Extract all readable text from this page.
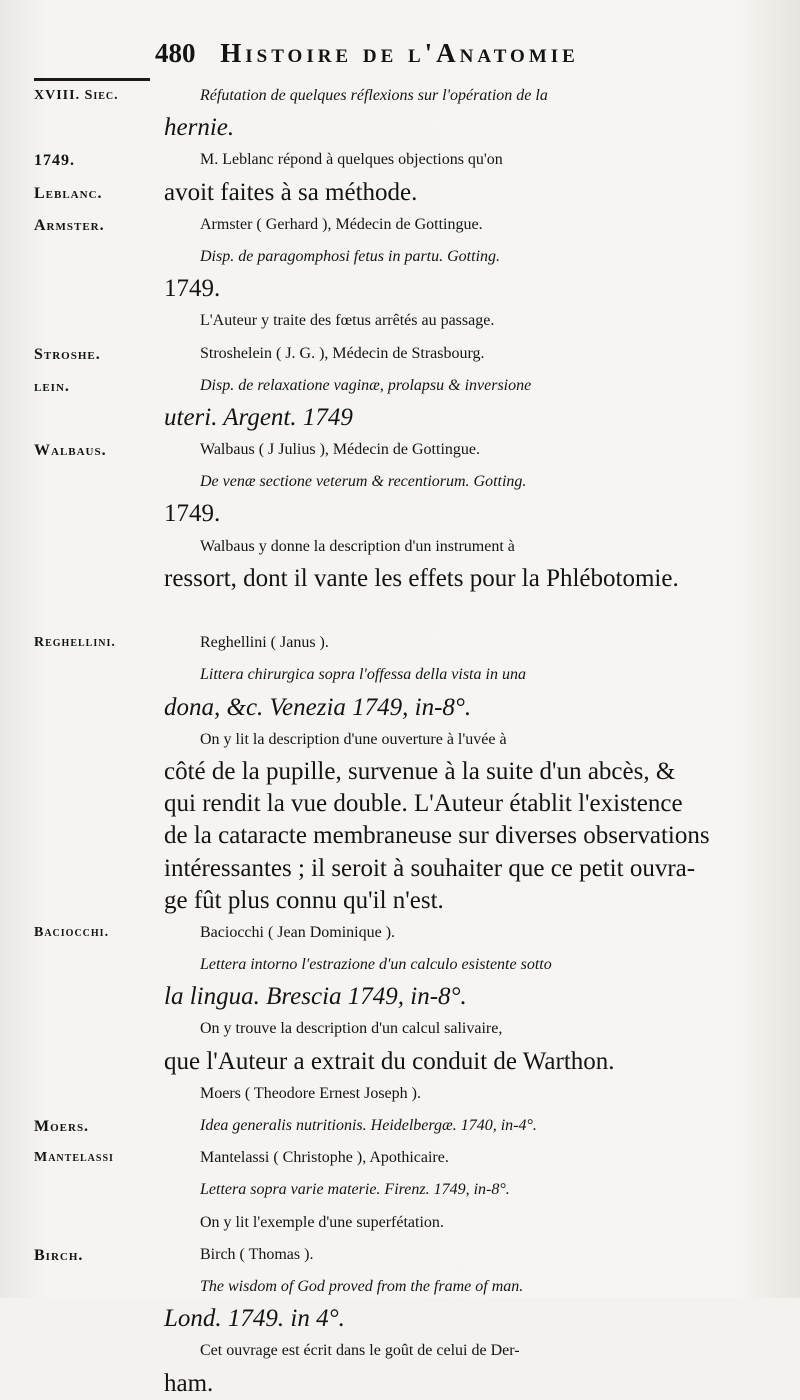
480 Histoire de l'Anatomie
XVIII. Siec.	Réfutation de quelques réflexions sur l'opération de la
hernie.
1749.	M. Leblanc répond à quelques objections qu'on
Leblanc.	avoit faites à sa méthode.
Armster.	Armster ( Gerhard ), Médecin de Gottingue.
Disp. de paragomphosi fetus in partu. Gotting.
1749.
L'Auteur y traite des fœtus arrêtés au passage.
Stroshe.	Stroshelein ( J. G. ), Médecin de Strasbourg.
lein.	Disp. de relaxatione vaginæ, prolapsu & inversione
uteri. Argent. 1749
Walbaus.	Walbaus ( J Julius ), Médecin de Gottingue.
De venæ sectione veterum & recentiorum. Gotting.
1749.
Walbaus y donne la description d'un instrument à
ressort, dont il vante les effets pour la Phlébotomie.
Reghellini.	Reghellini ( Janus ).
Littera chirurgica sopra l'offessa della vista in una
dona, &c. Venezia 1749, in-8°.
On y lit la description d'une ouverture à l'uvée à
côté de la pupille, survenue à la suite d'un abcès, &
qui rendit la vue double. L'Auteur établit l'existence
de la cataracte membraneuse sur diverses observations
intéressantes ; il seroit à souhaiter que ce petit ouvra-
ge fût plus connu qu'il n'est.
Baciocchi.	Baciocchi ( Jean Dominique ).
Lettera intorno l'estrazione d'un calculo esistente sotto
la lingua. Brescia 1749, in-8°.
On y trouve la description d'un calcul salivaire,
que l'Auteur a extrait du conduit de Warthon.
Moers ( Theodore Ernest Joseph ).
Moers.	Idea generalis nutritionis. Heidelbergæ. 1740, in-4°.
Mantelassi	Mantelassi ( Christophe ), Apothicaire.
Lettera sopra varie materie. Firenz. 1749, in-8°.
On y lit l'exemple d'une superfétation.
Birch.	Birch ( Thomas ).
The wisdom of God proved from the frame of man.
Lond. 1749. in 4°.
Cet ouvrage est écrit dans le goût de celui de Der-
ham.
